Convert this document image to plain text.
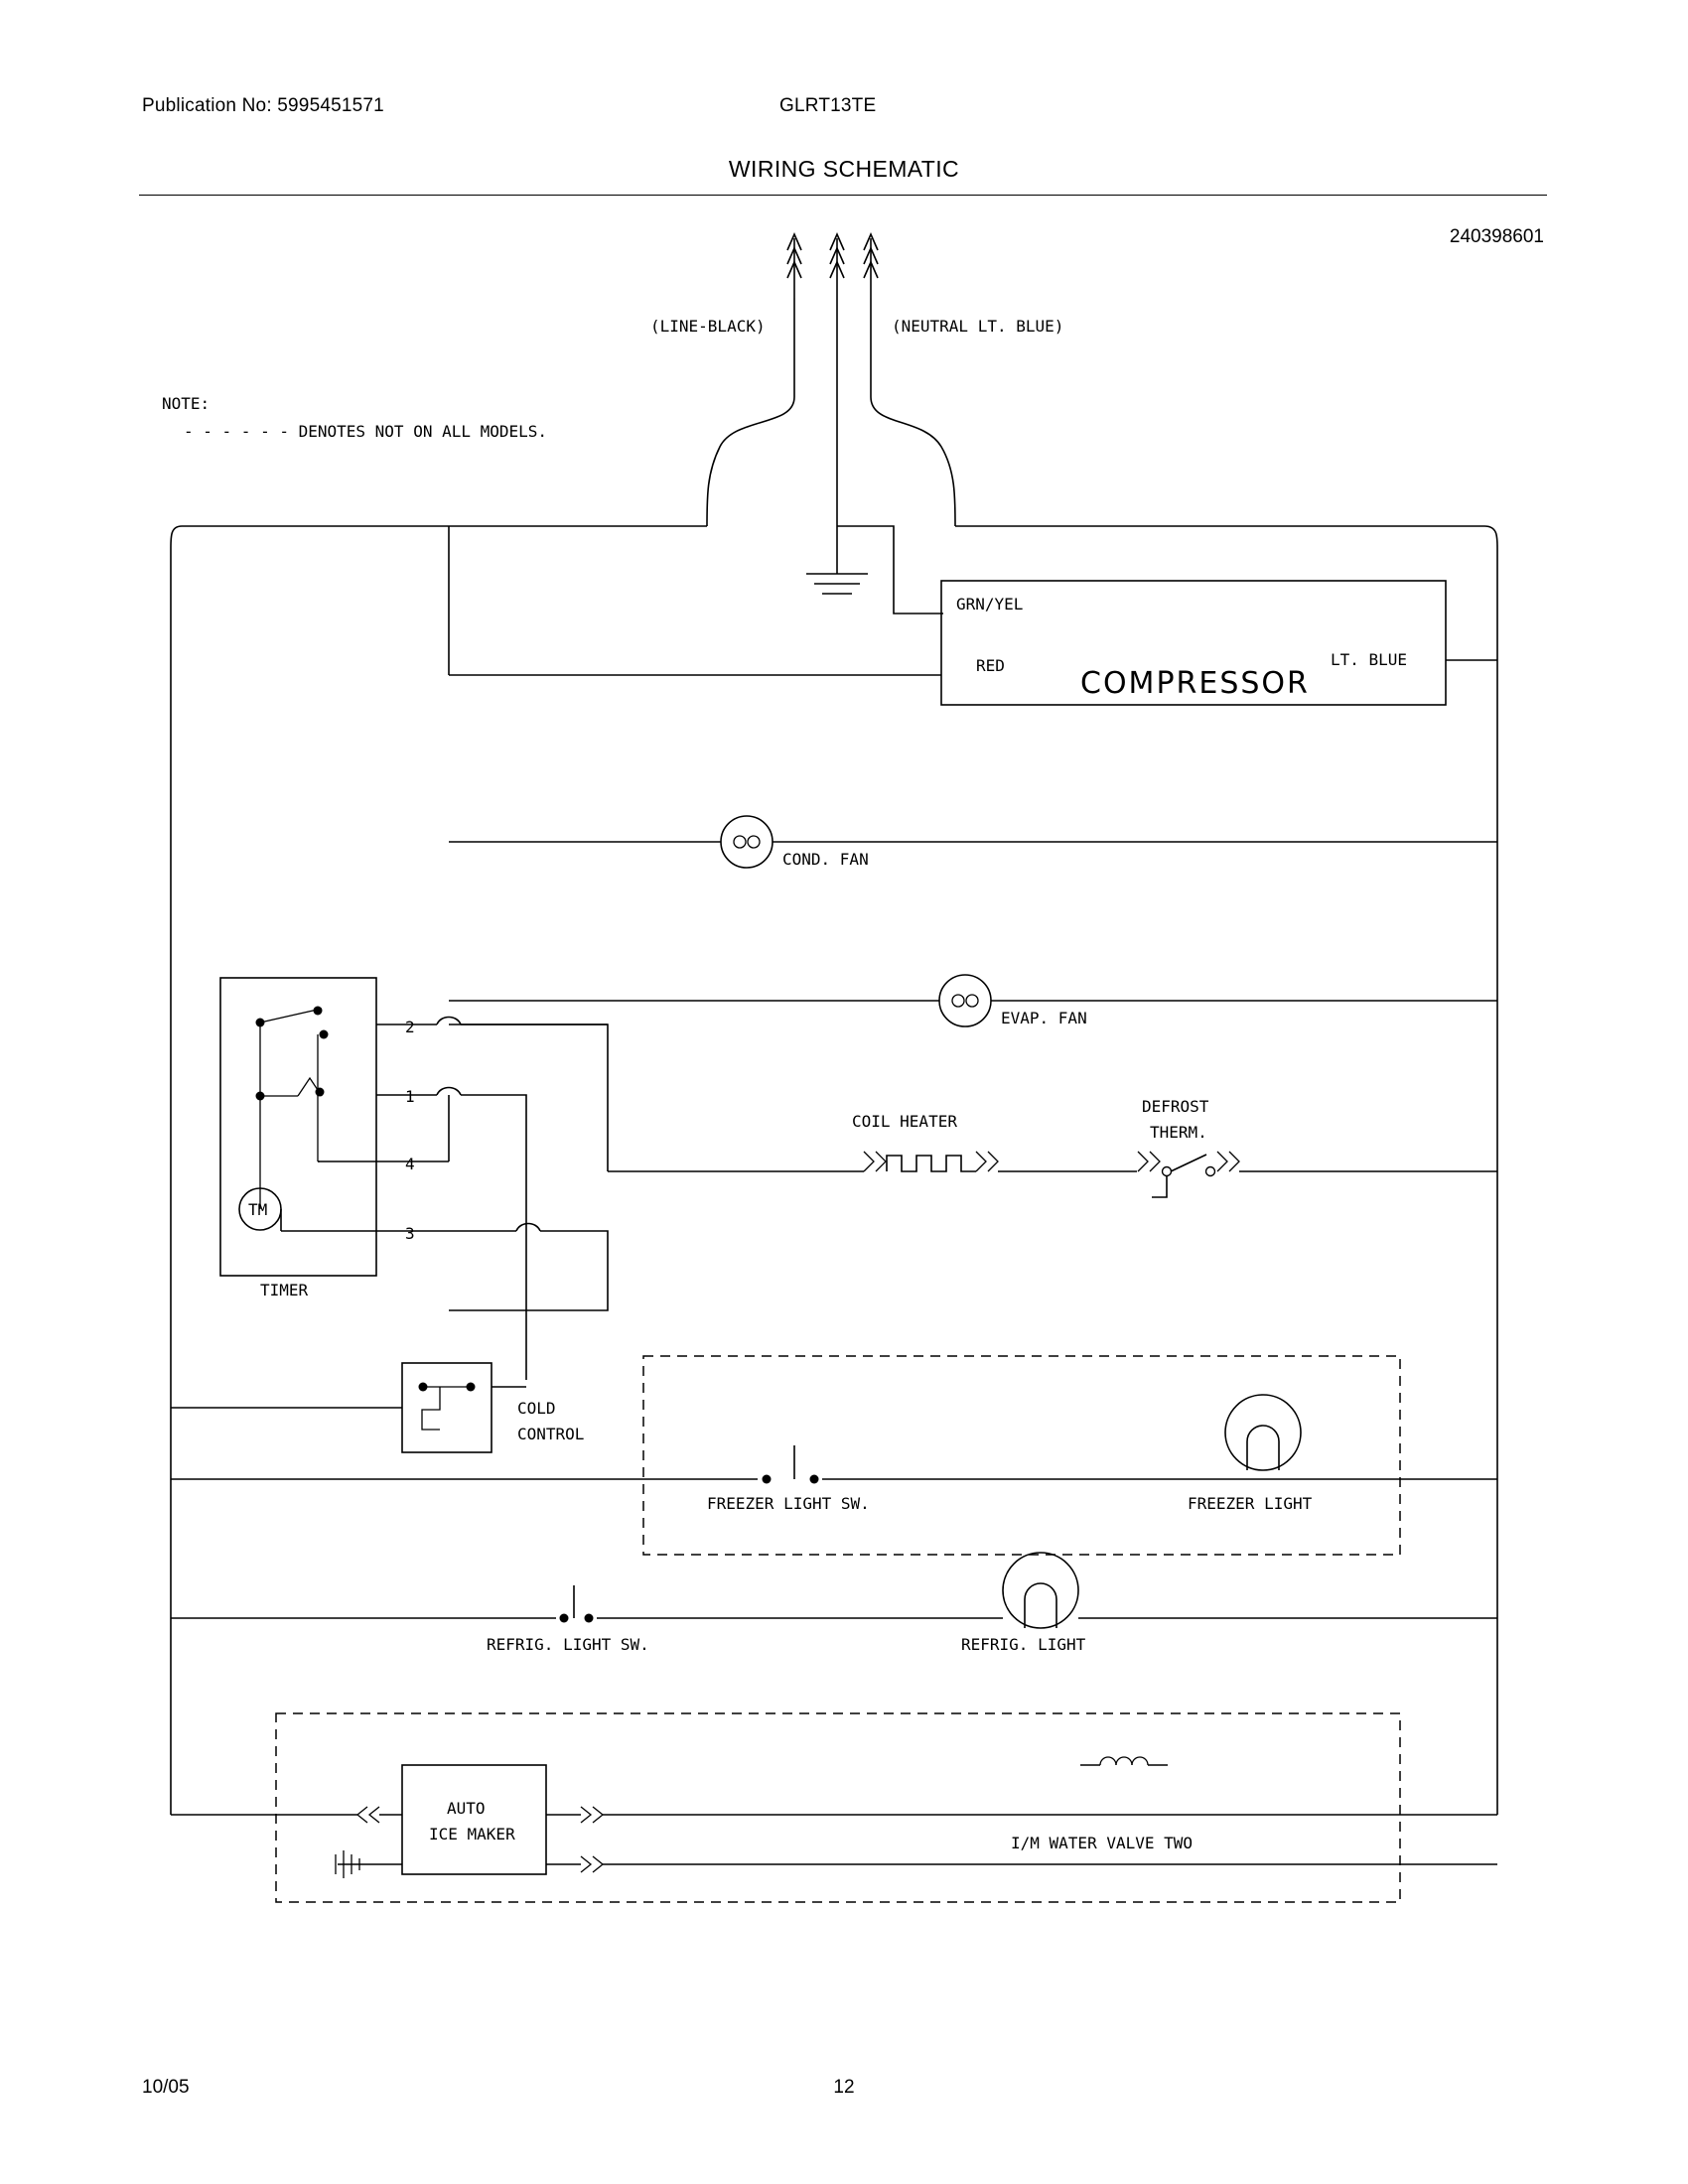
Publication No: 5995451571	GLRT13TE
WIRING SCHEMATIC
240398601
(LINE-BLACK)	(NEUTRAL LT. BLUE)
NOTE:
- - - - - - DENOTES NOT ON ALL MODELS.
COMPRESSOR
GRN/YEL
RED	LT. BLUE
COND. FAN
EVAP. FAN
TIMER
TM
2
1
4
3
COIL HEATER
DEFROST
THERM.
COLD
CONTROL
FREEZER LIGHT SW.	FREEZER LIGHT
REFRIG. LIGHT SW.	REFRIG. LIGHT
AUTO
ICE MAKER	I/M WATER VALVE TWO
10/05	12
